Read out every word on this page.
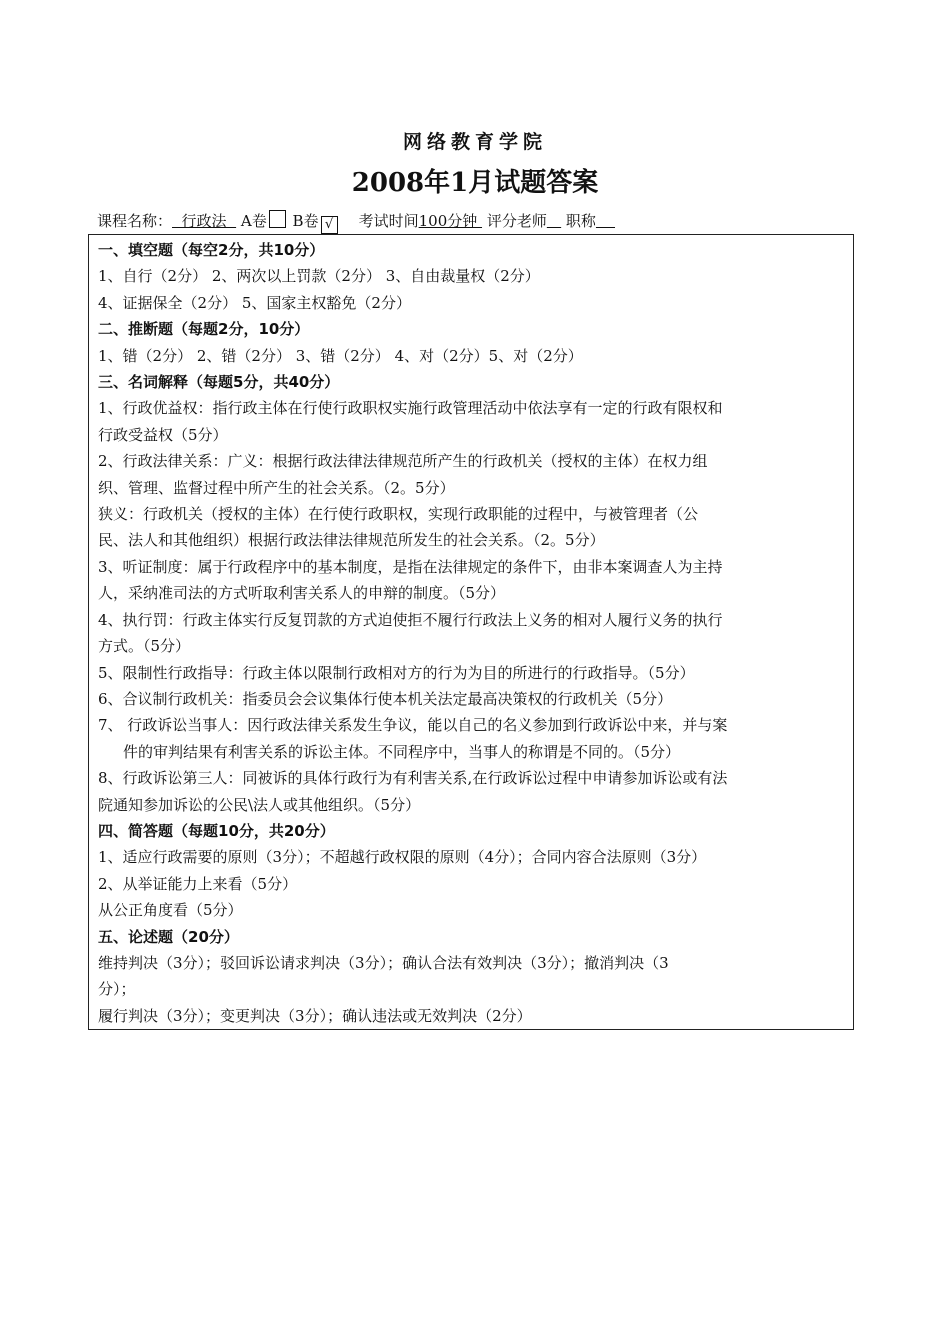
网络教育学院
2008年1月试题答案
课程名称：  行政法   A卷 B卷 √ 考试时间100分钟  评分老师 职称
一、填空题（每空2分，共10分）
1、自行（2分） 2、两次以上罚款（2分） 3、自由裁量权（2分）
4、证据保全（2分） 5、国家主权豁免（2分）
二、推断题（每题2分，10分）
1、错（2分） 2、错（2分） 3、错（2分） 4、对（2分）5、对（2分）
三、名词解释（每题5分，共40分）
1、行政优益权：指行政主体在行使行政职权实施行政管理活动中依法享有一定的行政有限权和
行政受益权（5分）
2、行政法律关系：广义：根据行政法律法律规范所产生的行政机关（授权的主体）在权力组
织、管理、监督过程中所产生的社会关系。（2。5分）
狭义：行政机关（授权的主体）在行使行政职权，实现行政职能的过程中，与被管理者（公
民、法人和其他组织）根据行政法律法律规范所发生的社会关系。（2。5分）
3、听证制度：属于行政程序中的基本制度，是指在法律规定的条件下，由非本案调查人为主持
人，采纳准司法的方式听取利害关系人的申辩的制度。（5分）
4、执行罚：行政主体实行反复罚款的方式迫使拒不履行行政法上义务的相对人履行义务的执行
方式。（5分）
5、限制性行政指导：行政主体以限制行政相对方的行为为目的所进行的行政指导。（5分）
6、合议制行政机关：指委员会会议集体行使本机关法定最高决策权的行政机关（5分）
7、 行政诉讼当事人：因行政法律关系发生争议，能以自己的名义参加到行政诉讼中来，并与案
件的审判结果有利害关系的诉讼主体。不同程序中，当事人的称谓是不同的。（5分）
8、行政诉讼第三人：同被诉的具体行政行为有利害关系,在行政诉讼过程中申请参加诉讼或有法
院通知参加诉讼的公民\法人或其他组织。（5分）
四、简答题（每题10分，共20分）
1、适应行政需要的原则（3分）；不超越行政权限的原则（4分）；合同内容合法原则（3分）
2、从举证能力上来看（5分）
从公正角度看（5分）
五、论述题（20分）
维持判决（3分）；驳回诉讼请求判决（3分）；确认合法有效判决（3分）；撤消判决（3
分）；
履行判决（3分）；变更判决（3分）；确认违法或无效判决（2分）
